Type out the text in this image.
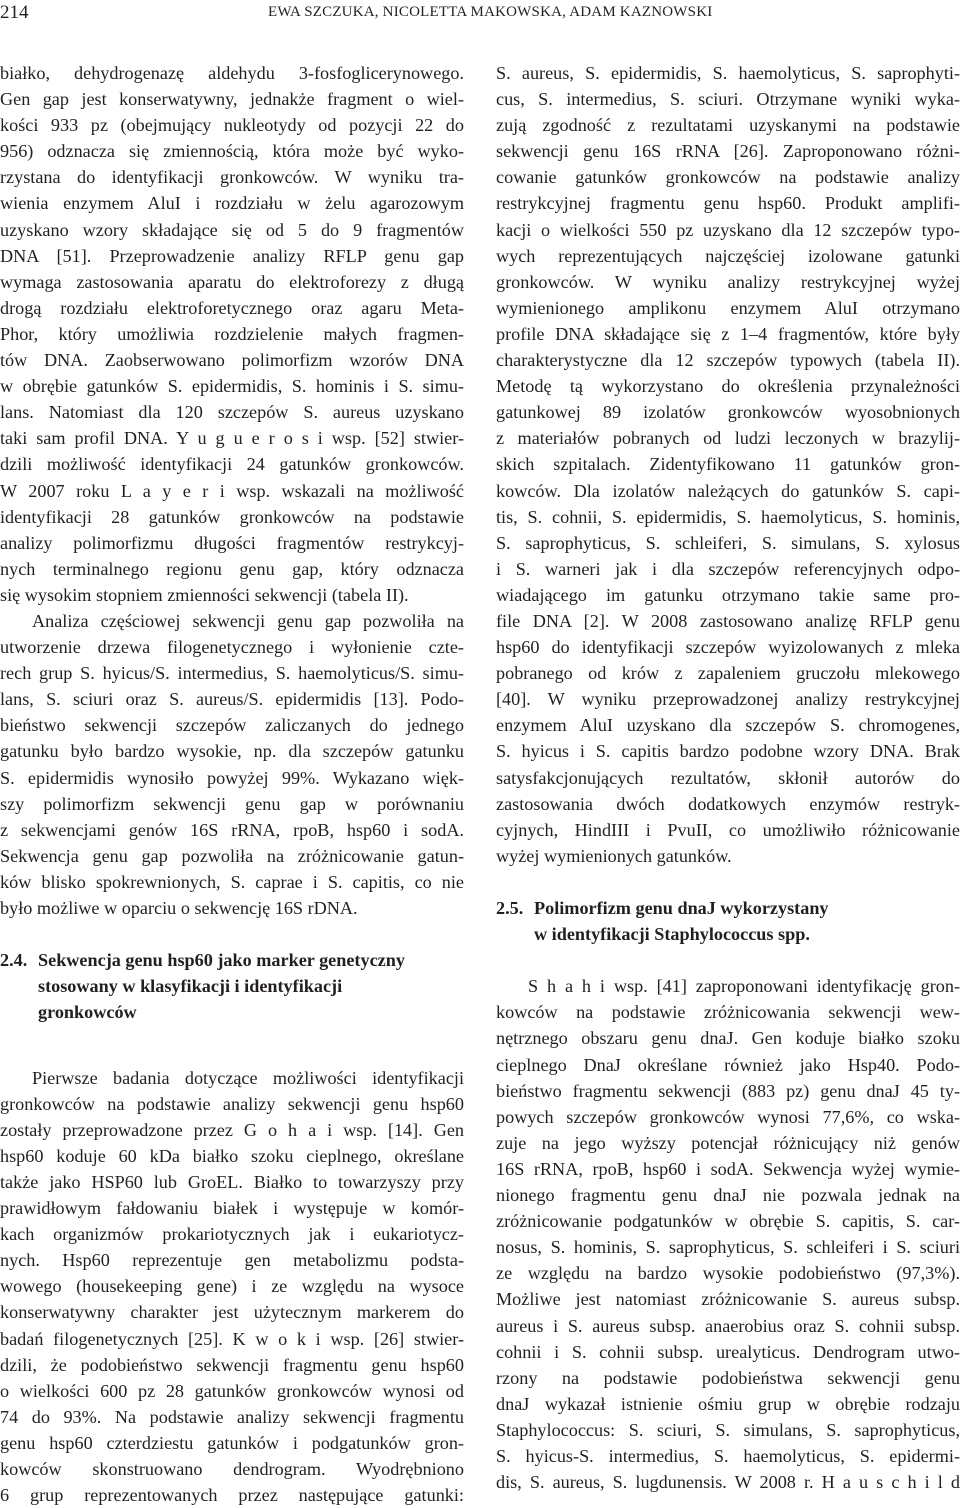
214	EWA SZCZUKA, NICOLETTA MAKOWSKA, ADAM KAZNOWSKI
białko, dehydrogenazę aldehydu 3-fosfoglicerynowego.
Gen gap jest konserwatywny, jednakże fragment o wiel-
kości 933 pz (obejmujący nukleotydy od pozycji 22 do
956) odznacza się zmiennością, która może być wyko-
rzystana do identyfikacji gronkowców. W wyniku tra-
wienia enzymem AluI i rozdziału w żelu agarozowym
uzyskano wzory składające się od 5 do 9 fragmentów
DNA [51]. Przeprowadzenie analizy RFLP genu gap
wymaga zastosowania aparatu do elektroforezy z długą
drogą rozdziału elektroforetycznego oraz agaru Meta-
Phor, który umożliwia rozdzielenie małych fragmen-
tów DNA. Zaobserwowano polimorfizm wzorów DNA
w obrębie gatunków S. epidermidis, S. hominis i S. simu-
lans. Natomiast dla 120 szczepów S. aureus uzyskano
taki sam profil DNA. Y u g u e r o s i wsp. [52] stwier-
dzili możliwość identyfikacji 24 gatunków gronkowców.
W 2007 roku L a y e r i wsp. wskazali na możliwość
identyfikacji 28 gatunków gronkowców na podstawie
analizy polimorfizmu długości fragmentów restrykcyj-
nych terminalnego regionu genu gap, który odznacza
się wysokim stopniem zmienności sekwencji (tabela II).
Analiza częściowej sekwencji genu gap pozwoliła na
utworzenie drzewa filogenetycznego i wyłonienie czte-
rech grup S. hyicus/S. intermedius, S. haemolyticus/S. simu-
lans, S. sciuri oraz S. aureus/S. epidermidis [13]. Podo-
bieństwo sekwencji szczepów zaliczanych do jednego
gatunku było bardzo wysokie, np. dla szczepów gatunku
S. epidermidis wynosiło powyżej 99%. Wykazano więk-
szy polimorfizm sekwencji genu gap w porównaniu
z sekwencjami genów 16S rRNA, rpoB, hsp60 i sodA.
Sekwencja genu gap pozwoliła na zróżnicowanie gatun-
ków blisko spokrewnionych, S. caprae i S. capitis, co nie
było możliwe w oparciu o sekwencję 16S rDNA.
2.4. Sekwencja genu hsp60 jako marker genetyczny
stosowany w klasyfikacji i identyfikacji
gronkowców
Pierwsze badania dotyczące możliwości identyfikacji
gronkowców na podstawie analizy sekwencji genu hsp60
zostały przeprowadzone przez G o h a i wsp. [14]. Gen
hsp60 koduje 60 kDa białko szoku cieplnego, określane
także jako HSP60 lub GroEL. Białko to towarzyszy przy
prawidłowym fałdowaniu białek i występuje w komór-
kach organizmów prokariotycznych jak i eukariotycz-
nych. Hsp60 reprezentuje gen metabolizmu podsta-
wowego (housekeeping gene) i ze względu na wysoce
konserwatywny charakter jest użytecznym markerem do
badań filogenetycznych [25]. K w o k i wsp. [26] stwier-
dzili, że podobieństwo sekwencji fragmentu genu hsp60
o wielkości 600 pz 28 gatunków gronkowców wynosi od
74 do 93%. Na podstawie analizy sekwencji fragmentu
genu hsp60 czterdziestu gatunków i podgatunków gron-
kowców skonstruowano dendrogram. Wyodrębniono
6 grup reprezentowanych przez następujące gatunki:
S. aureus, S. epidermidis, S. haemolyticus, S. saprophyti-
cus, S. intermedius, S. sciuri. Otrzymane wyniki wyka-
zują zgodność z rezultatami uzyskanymi na podstawie
sekwencji genu 16S rRNA [26]. Zaproponowano różni-
cowanie gatunków gronkowców na podstawie analizy
restrykcyjnej fragmentu genu hsp60. Produkt amplifi-
kacji o wielkości 550 pz uzyskano dla 12 szczepów typo-
wych reprezentujących najczęściej izolowane gatunki
gronkowców. W wyniku analizy restrykcyjnej wyżej
wymienionego amplikonu enzymem AluI otrzymano
profile DNA składające się z 1–4 fragmentów, które były
charakterystyczne dla 12 szczepów typowych (tabela II).
Metodę tą wykorzystano do określenia przynależności
gatunkowej 89 izolatów gronkowców wyosobnionych
z materiałów pobranych od ludzi leczonych w brazylij-
skich szpitalach. Zidentyfikowano 11 gatunków gron-
kowców. Dla izolatów należących do gatunków S. capi-
tis, S. cohnii, S. epidermidis, S. haemolyticus, S. hominis,
S. saprophyticus, S. schleiferi, S. simulans, S. xylosus
i S. warneri jak i dla szczepów referencyjnych odpo-
wiadającego im gatunku otrzymano takie same pro-
file DNA [2]. W 2008 zastosowano analizę RFLP genu
hsp60 do identyfikacji szczepów wyizolowanych z mleka
pobranego od krów z zapaleniem gruczołu mlekowego
[40]. W wyniku przeprowadzonej analizy restrykcyjnej
enzymem AluI uzyskano dla szczepów S. chromogenes,
S. hyicus i S. capitis bardzo podobne wzory DNA. Brak
satysfakcjonujących rezultatów, skłonił autorów do
zastosowania dwóch dodatkowych enzymów restryk-
cyjnych, HindIII i PvuII, co umożliwiło różnicowanie
wyżej wymienionych gatunków.
2.5. Polimorfizm genu dnaJ wykorzystany
w identyfikacji Staphylococcus spp.
S h a h i wsp. [41] zaproponowani identyfikację gron-
kowców na podstawie zróżnicowania sekwencji wew-
nętrznego obszaru genu dnaJ. Gen koduje białko szoku
cieplnego DnaJ określane również jako Hsp40. Podo-
bieństwo fragmentu sekwencji (883 pz) genu dnaJ 45 ty-
powych szczepów gronkowców wynosi 77,6%, co wska-
zuje na jego wyższy potencjał różnicujący niż genów
16S rRNA, rpoB, hsp60 i sodA. Sekwencja wyżej wymie-
nionego fragmentu genu dnaJ nie pozwala jednak na
zróżnicowanie podgatunków w obrębie S. capitis, S. car-
nosus, S. hominis, S. saprophyticus, S. schleiferi i S. sciuri
ze względu na bardzo wysokie podobieństwo (97,3%).
Możliwe jest natomiast zróżnicowanie S. aureus subsp.
aureus i S. aureus subsp. anaerobius oraz S. cohnii subsp.
cohnii i S. cohnii subsp. urealyticus. Dendrogram utwo-
rzony na podstawie podobieństwa sekwencji genu
dnaJ wykazał istnienie ośmiu grup w obrębie rodzaju
Staphylococcus: S. sciuri, S. simulans, S. saprophyticus,
S. hyicus-S. intermedius, S. haemolyticus, S. epidermi-
dis, S. aureus, S. lugdunensis. W 2008 r. H a u s c h i l d
